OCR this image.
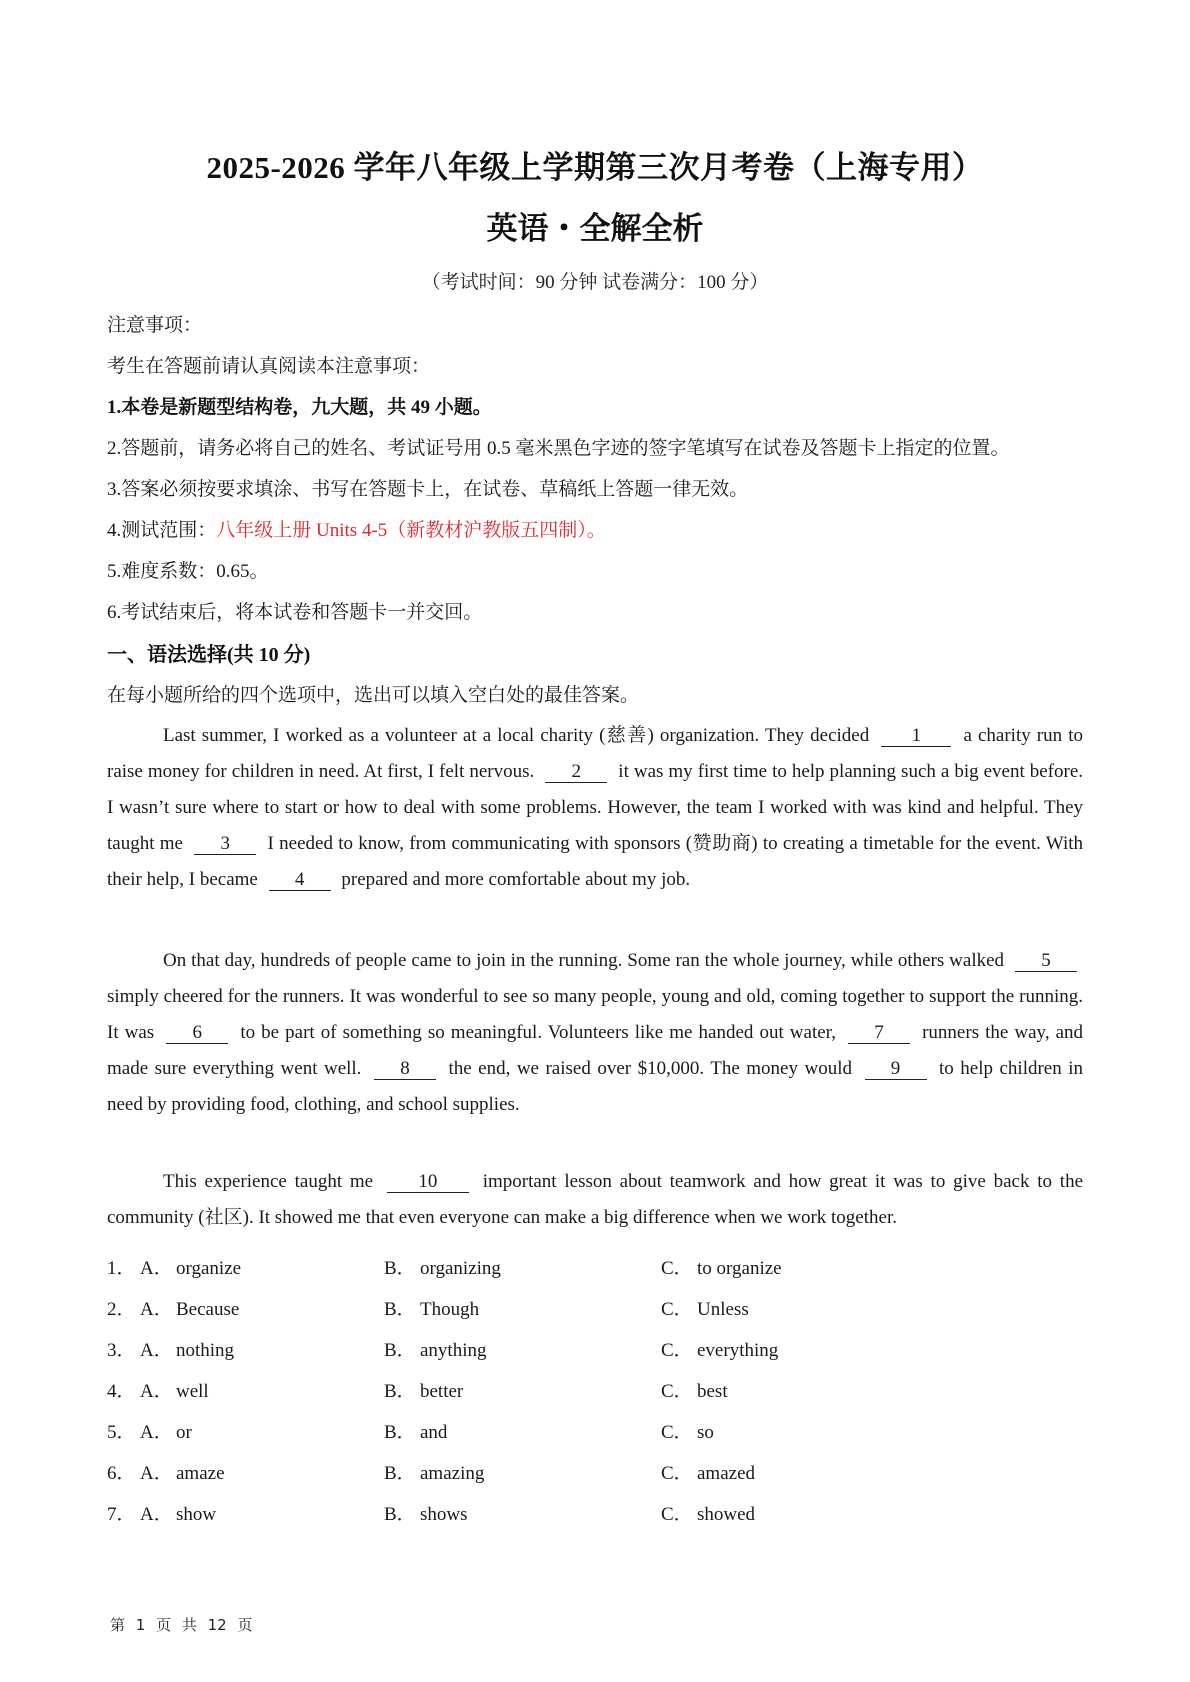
2025-2026 学年八年级上学期第三次月考卷（上海专用）
英语・全解全析
（考试时间：90 分钟 试卷满分：100 分）
注意事项：
考生在答题前请认真阅读本注意事项：
1.本卷是新题型结构卷，九大题，共 49 小题。
2.答题前，请务必将自己的姓名、考试证号用 0.5 毫米黑色字迹的签字笔填写在试卷及答题卡上指定的位置。
3.答案必须按要求填涂、书写在答题卡上，在试卷、草稿纸上答题一律无效。
4.测试范围：八年级上册 Units 4-5（新教材沪教版五四制）。
5.难度系数：0.65。
6.考试结束后，将本试卷和答题卡一并交回。
一、语法选择(共 10 分)
在每小题所给的四个选项中，选出可以填入空白处的最佳答案。
Last summer, I worked as a volunteer at a local charity (慈善) organization. They decided 1 a charity run to raise money for children in need. At first, I felt nervous. 2 it was my first time to help planning such a big event before. I wasn’t sure where to start or how to deal with some problems. However, the team I worked with was kind and helpful. They taught me 3 I needed to know, from communicating with sponsors (赞助商) to creating a timetable for the event. With their help, I became 4 prepared and more comfortable about my job.
On that day, hundreds of people came to join in the running. Some ran the whole journey, while others walked 5 simply cheered for the runners. It was wonderful to see so many people, young and old, coming together to support the running. It was 6 to be part of something so meaningful. Volunteers like me handed out water, 7 runners the way, and made sure everything went well. 8 the end, we raised over $10,000. The money would 9 to help children in need by providing food, clothing, and school supplies.
This experience taught me 10 important lesson about teamwork and how great it was to give back to the community (社区). It showed me that even everyone can make a big difference when we work together.
1． A． organize	B． organizing	C． to organize
2． A． Because	B． Though	C． Unless
3． A． nothing	B． anything	C． everything
4． A． well	B． better	C． best
5． A． or	B． and	C． so
6． A． amaze	B． amazing	C． amazed
7． A． show	B． shows	C． showed
第 1 页 共 12 页
